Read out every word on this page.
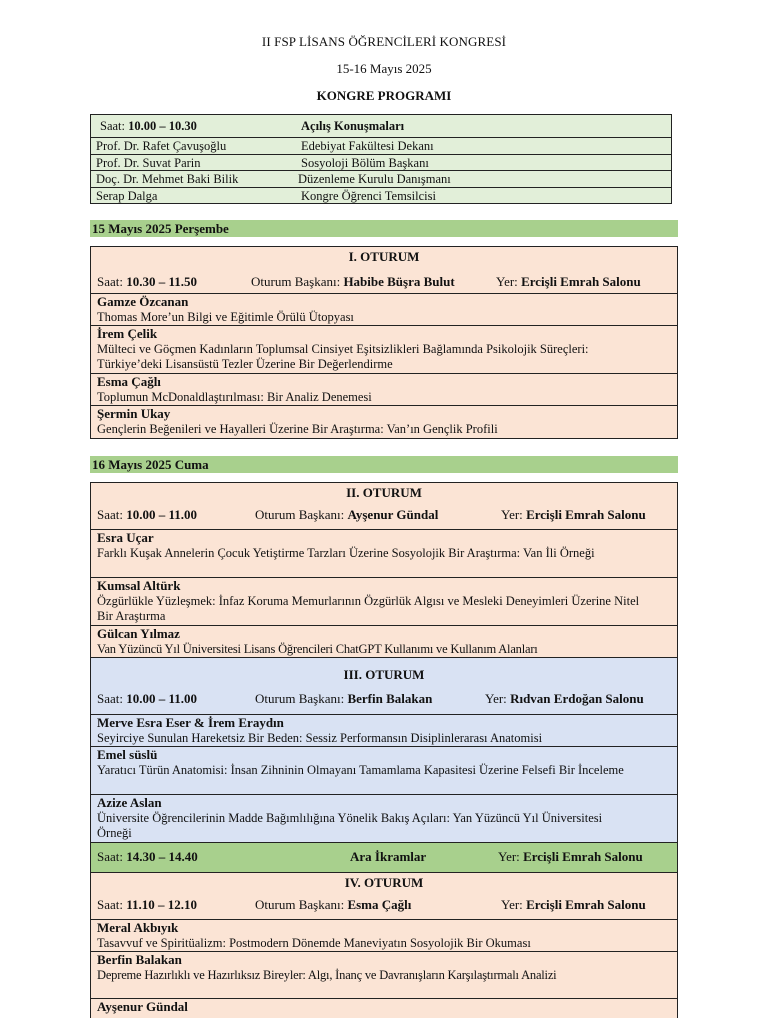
II FSP LİSANS ÖĞRENCİLERİ KONGRESİ
15-16 Mayıs 2025
KONGRE PROGRAMI
Saat: 10.00 – 10.30	Açılış Konuşmaları
Prof. Dr. Rafet Çavuşoğlu	Edebiyat Fakültesi Dekanı
Prof. Dr. Suvat Parin	Sosyoloji Bölüm Başkanı
Doç. Dr. Mehmet Baki Bilik	Düzenleme Kurulu Danışmanı
Serap Dalga	Kongre Öğrenci Temsilcisi
15 Mayıs 2025 Perşembe
I. OTURUM
Saat: 10.30 – 11.50	Oturum Başkanı: Habibe Büşra Bulut	Yer: Ercişli Emrah Salonu
Gamze Özcanan
Thomas More’un Bilgi ve Eğitimle Örülü Ütopyası
İrem Çelik
Mülteci ve Göçmen Kadınların Toplumsal Cinsiyet Eşitsizlikleri Bağlamında Psikolojik Süreçleri: Türkiye’deki Lisansüstü Tezler Üzerine Bir Değerlendirme
Esma Çağlı
Toplumun McDonaldlaştırılması: Bir Analiz Denemesi
Şermin Ukay
Gençlerin Beğenileri ve Hayalleri Üzerine Bir Araştırma: Van’ın Gençlik Profili
16 Mayıs 2025 Cuma
II. OTURUM
Saat: 10.00 – 11.00	Oturum Başkanı: Ayşenur Gündal	Yer: Ercişli Emrah Salonu
Esra Uçar
Farklı Kuşak Annelerin Çocuk Yetiştirme Tarzları Üzerine Sosyolojik Bir Araştırma: Van İli Örneği
Kumsal Altürk
Özgürlükle Yüzleşmek: İnfaz Koruma Memurlarının Özgürlük Algısı ve Mesleki Deneyimleri Üzerine Nitel Bir Araştırma
Gülcan Yılmaz
Van Yüzüncü Yıl Üniversitesi Lisans Öğrencileri ChatGPT Kullanımı ve Kullanım Alanları
III. OTURUM
Saat: 10.00 – 11.00	Oturum Başkanı: Berfin Balakan	Yer: Rıdvan Erdoğan Salonu
Merve Esra Eser & İrem Eraydın
Seyirciye Sunulan Hareketsiz Bir Beden: Sessiz Performansın Disiplinlerarası Anatomisi
Emel süslü
Yaratıcı Türün Anatomisi: İnsan Zihninin Olmayanı Tamamlama Kapasitesi Üzerine Felsefi Bir İnceleme
Azize Aslan
Üniversite Öğrencilerinin Madde Bağımlılığına Yönelik Bakış Açıları: Yan Yüzüncü Yıl Üniversitesi Örneği
Saat: 14.30 – 14.40	Ara İkramlar	Yer: Ercişli Emrah Salonu
IV. OTURUM
Saat: 11.10 – 12.10	Oturum Başkanı: Esma Çağlı	Yer: Ercişli Emrah Salonu
Meral Akbıyık
Tasavvuf ve Spiritüalizm: Postmodern Dönemde Maneviyatın Sosyolojik Bir Okuması
Berfin Balakan
Depreme Hazırlıklı ve Hazırlıksız Bireyler: Algı, İnanç ve Davranışların Karşılaştırmalı Analizi
Ayşenur Gündal
